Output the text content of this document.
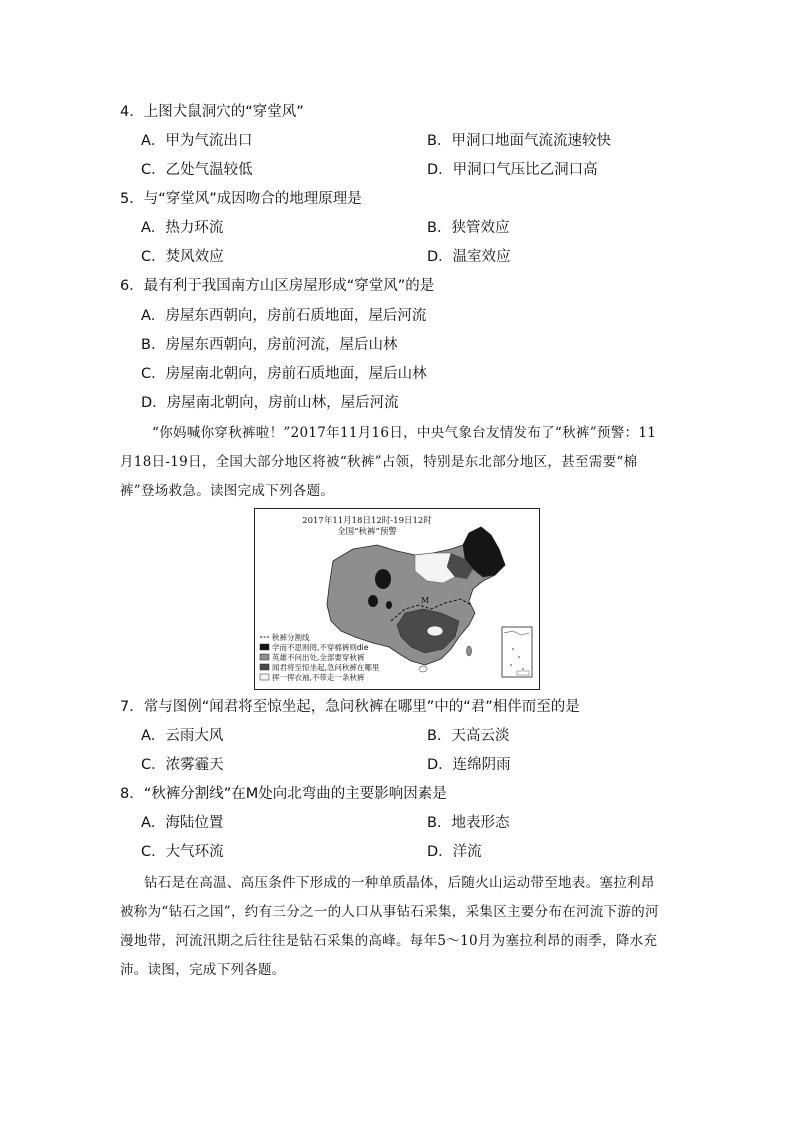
4．上图犬鼠洞穴的“穿堂风”
A．甲为气流出口	B．甲洞口地面气流流速较快
C．乙处气温较低	D．甲洞口气压比乙洞口高
5．与“穿堂风”成因吻合的地理原理是
A．热力环流	B．狭管效应
C．焚风效应	D．温室效应
6．最有利于我国南方山区房屋形成“穿堂风”的是
A．房屋东西朝向，房前石质地面，屋后河流
B．房屋东西朝向，房前河流，屋后山林
C．房屋南北朝向，房前石质地面，屋后山林
D．房屋南北朝向，房前山林，屋后河流
“你妈喊你穿秋裤啦！”2017年11月16日，中央气象台友情发布了“秋裤”预警：11
月18日-19日，全国大部分地区将被“秋裤”占领，特别是东北部分地区，甚至需要“棉
裤”登场救急。读图完成下列各题。
2017年11月18日12时-19日12时
全国“秋裤”预警
M
秋裤分割线
学而不思则罔,不穿棉裤则die
英雄不问出处,全部要穿秋裤
闻君将至惊坐起,急问秋裤在哪里
挥一挥衣袖,不带走一条秋裤
7．常与图例“闻君将至惊坐起，急问秋裤在哪里”中的“君”相伴而至的是
A．云雨大风	B．天高云淡
C．浓雾霾天	D．连绵阴雨
8．“秋裤分割线”在M处向北弯曲的主要影响因素是
A．海陆位置	B．地表形态
C．大气环流	D．洋流
钻石是在高温、高压条件下形成的一种单质晶体，后随火山运动带至地表。塞拉利昂
被称为“钻石之国”，约有三分之一的人口从事钻石采集，采集区主要分布在河流下游的河
漫地带，河流汛期之后往往是钻石采集的高峰。每年5～10月为塞拉利昂的雨季，降水充
沛。读图，完成下列各题。
